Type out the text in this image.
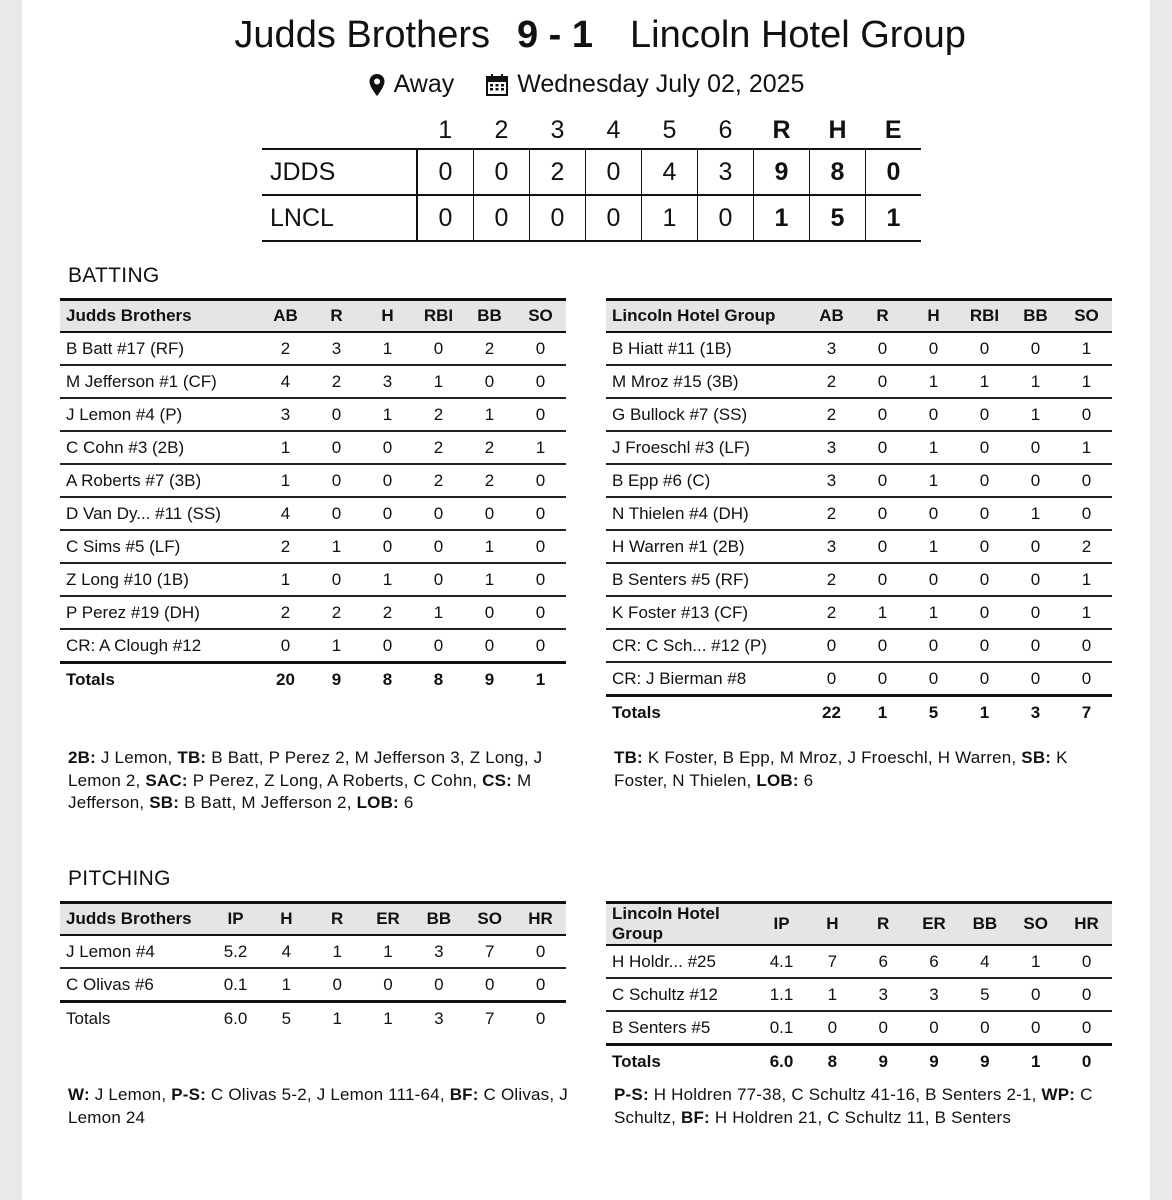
Judds Brothers 9 - 1 Lincoln Hotel Group
Away
	Wednesday July 02, 2025
	1	2	3	4	5	6	R	H	E
JDDS	0	0	2	0	4	3	9	8	0
LNCL	0	0	0	0	1	0	1	5	1
BATTING
Judds Brothers	AB	R	H	RBI	BB	SO
B Batt #17 (RF)	2	3	1	0	2	0
M Jefferson #1 (CF)	4	2	3	1	0	0
J Lemon #4 (P)	3	0	1	2	1	0
C Cohn #3 (2B)	1	0	0	2	2	1
A Roberts #7 (3B)	1	0	0	2	2	0
D Van Dy... #11 (SS)	4	0	0	0	0	0
C Sims #5 (LF)	2	1	0	0	1	0
Z Long #10 (1B)	1	0	1	0	1	0
P Perez #19 (DH)	2	2	2	1	0	0
CR: A Clough #12	0	1	0	0	0	0
Totals	20	9	8	8	9	1
Lincoln Hotel Group	AB	R	H	RBI	BB	SO
B Hiatt #11 (1B)	3	0	0	0	0	1
M Mroz #15 (3B)	2	0	1	1	1	1
G Bullock #7 (SS)	2	0	0	0	1	0
J Froeschl #3 (LF)	3	0	1	0	0	1
B Epp #6 (C)	3	0	1	0	0	0
N Thielen #4 (DH)	2	0	0	0	1	0
H Warren #1 (2B)	3	0	1	0	0	2
B Senters #5 (RF)	2	0	0	0	0	1
K Foster #13 (CF)	2	1	1	0	0	1
CR: C Sch... #12 (P)	0	0	0	0	0	0
CR: J Bierman #8	0	0	0	0	0	0
Totals	22	1	5	1	3	7
2B: J Lemon, TB: B Batt, P Perez 2, M Jefferson 3, Z Long, J Lemon 2, SAC: P Perez, Z Long, A Roberts, C Cohn, CS: M Jefferson, SB: B Batt, M Jefferson 2, LOB: 6
TB: K Foster, B Epp, M Mroz, J Froeschl, H Warren, SB: K Foster, N Thielen, LOB: 6
PITCHING
Judds Brothers	IP	H	R	ER	BB	SO	HR
J Lemon #4	5.2	4	1	1	3	7	0
C Olivas #6	0.1	1	0	0	0	0	0
Totals	6.0	5	1	1	3	7	0
Lincoln Hotel Group	IP	H	R	ER	BB	SO	HR
H Holdr... #25	4.1	7	6	6	4	1	0
C Schultz #12	1.1	1	3	3	5	0	0
B Senters #5	0.1	0	0	0	0	0	0
Totals	6.0	8	9	9	9	1	0
W: J Lemon, P-S: C Olivas 5-2, J Lemon 111-64, BF: C Olivas, J Lemon 24
P-S: H Holdren 77-38, C Schultz 41-16, B Senters 2-1, WP: C Schultz, BF: H Holdren 21, C Schultz 11, B Senters
